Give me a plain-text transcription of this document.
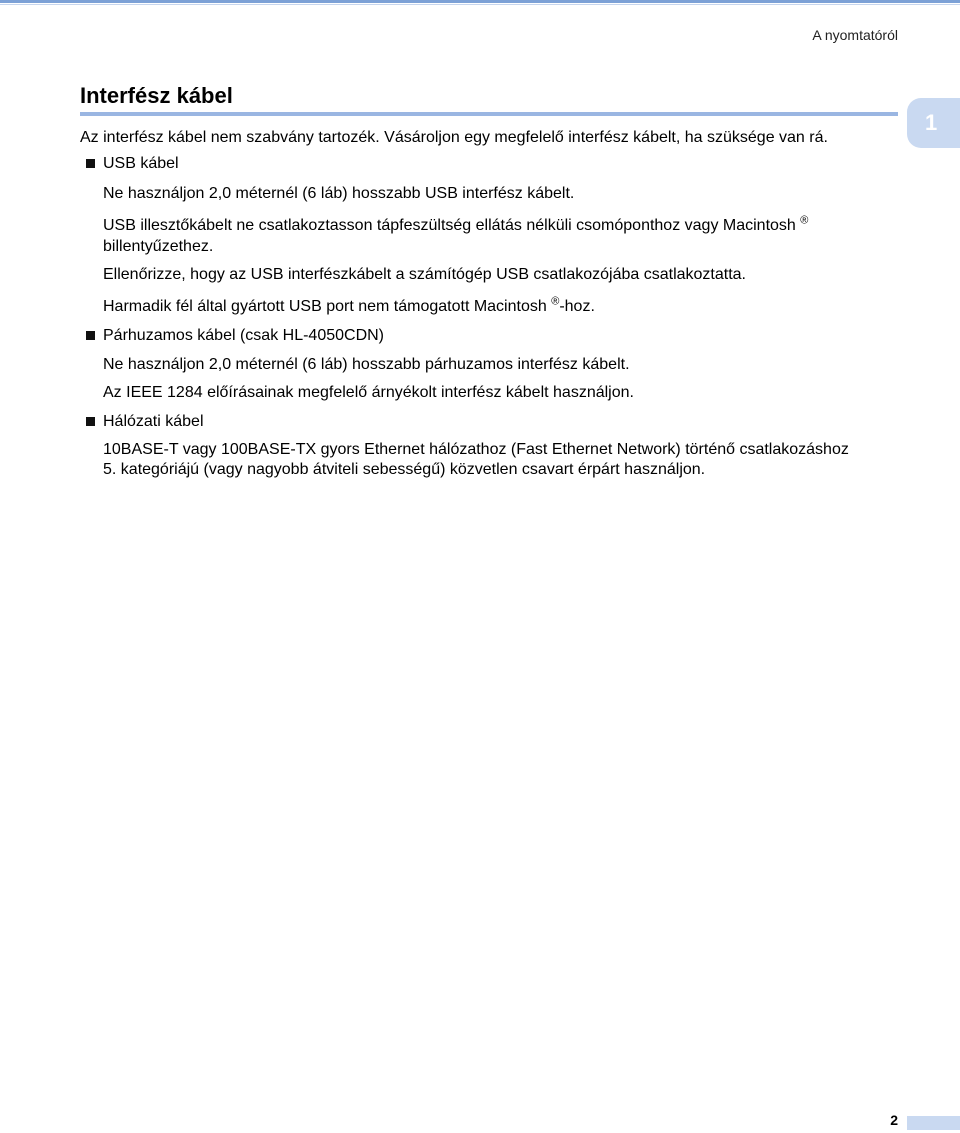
A nyomtatóról
1
Interfész kábel
Az interfész kábel nem szabvány tartozék. Vásároljon egy megfelelő interfész kábelt, ha szüksége van rá.
USB kábel
Ne használjon 2,0 méternél (6 láb) hosszabb USB interfész kábelt.
USB illesztőkábelt ne csatlakoztasson tápfeszültség ellátás nélküli csomóponthoz vagy Macintosh ®
billentyűzethez.
Ellenőrizze, hogy az USB interfészkábelt a számítógép USB csatlakozójába csatlakoztatta.
Harmadik fél által gyártott USB port nem támogatott Macintosh ®-hoz.
Párhuzamos kábel (csak HL-4050CDN)
Ne használjon 2,0 méternél (6 láb) hosszabb párhuzamos interfész kábelt.
Az IEEE 1284 előírásainak megfelelő árnyékolt interfész kábelt használjon.
Hálózati kábel
10BASE-T vagy 100BASE-TX gyors Ethernet hálózathoz (Fast Ethernet Network) történő csatlakozáshoz
5. kategóriájú (vagy nagyobb átviteli sebességű) közvetlen csavart érpárt használjon.
2
